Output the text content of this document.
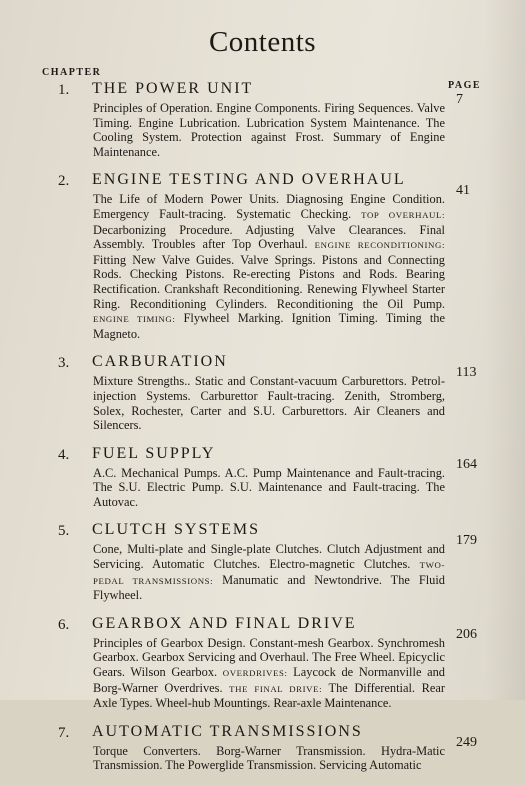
Contents
CHAPTER
PAGE
1. THE POWER UNIT
7
Principles of Operation. Engine Components. Firing Sequences. Valve Timing. Engine Lubrication. Lubrication System Maintenance. The Cooling System. Protection against Frost. Summary of Engine Maintenance.
2. ENGINE TESTING AND OVERHAUL
41
The Life of Modern Power Units. Diagnosing Engine Condition. Emergency Fault-tracing. Systematic Checking. TOP OVERHAUL: Decarbonizing Procedure. Adjusting Valve Clearances. Final Assembly. Troubles after Top Overhaul. ENGINE RECONDITIONING: Fitting New Valve Guides. Valve Springs. Pistons and Connecting Rods. Checking Pistons. Re-erecting Pistons and Rods. Bearing Rectification. Crankshaft Reconditioning. Renewing Flywheel Starter Ring. Reconditioning Cylinders. Reconditioning the Oil Pump. ENGINE TIMING: Flywheel Marking. Ignition Timing. Timing the Magneto.
3. CARBURATION
113
Mixture Strengths.. Static and Constant-vacuum Carburettors. Petrol-injection Systems. Carburettor Fault-tracing. Zenith, Stromberg, Solex, Rochester, Carter and S.U. Carburettors. Air Cleaners and Silencers.
4. FUEL SUPPLY
164
A.C. Mechanical Pumps. A.C. Pump Maintenance and Fault-tracing. The S.U. Electric Pump. S.U. Maintenance and Fault-tracing. The Autovac.
5. CLUTCH SYSTEMS
179
Cone, Multi-plate and Single-plate Clutches. Clutch Adjustment and Servicing. Automatic Clutches. Electro-magnetic Clutches. TWO-PEDAL TRANSMISSIONS: Manumatic and Newtondrive. The Fluid Flywheel.
6. GEARBOX AND FINAL DRIVE
206
Principles of Gearbox Design. Constant-mesh Gearbox. Synchromesh Gearbox. Gearbox Servicing and Overhaul. The Free Wheel. Epicyclic Gears. Wilson Gearbox. OVERDRIVES: Laycock de Normanville and Borg-Warner Overdrives. THE FINAL DRIVE: The Differential. Rear Axle Types. Wheel-hub Mountings. Rear-axle Maintenance.
7. AUTOMATIC TRANSMISSIONS
249
Torque Converters. Borg-Warner Transmission. Hydra-Matic Transmission. The Powerglide Transmission. Servicing Automatic
